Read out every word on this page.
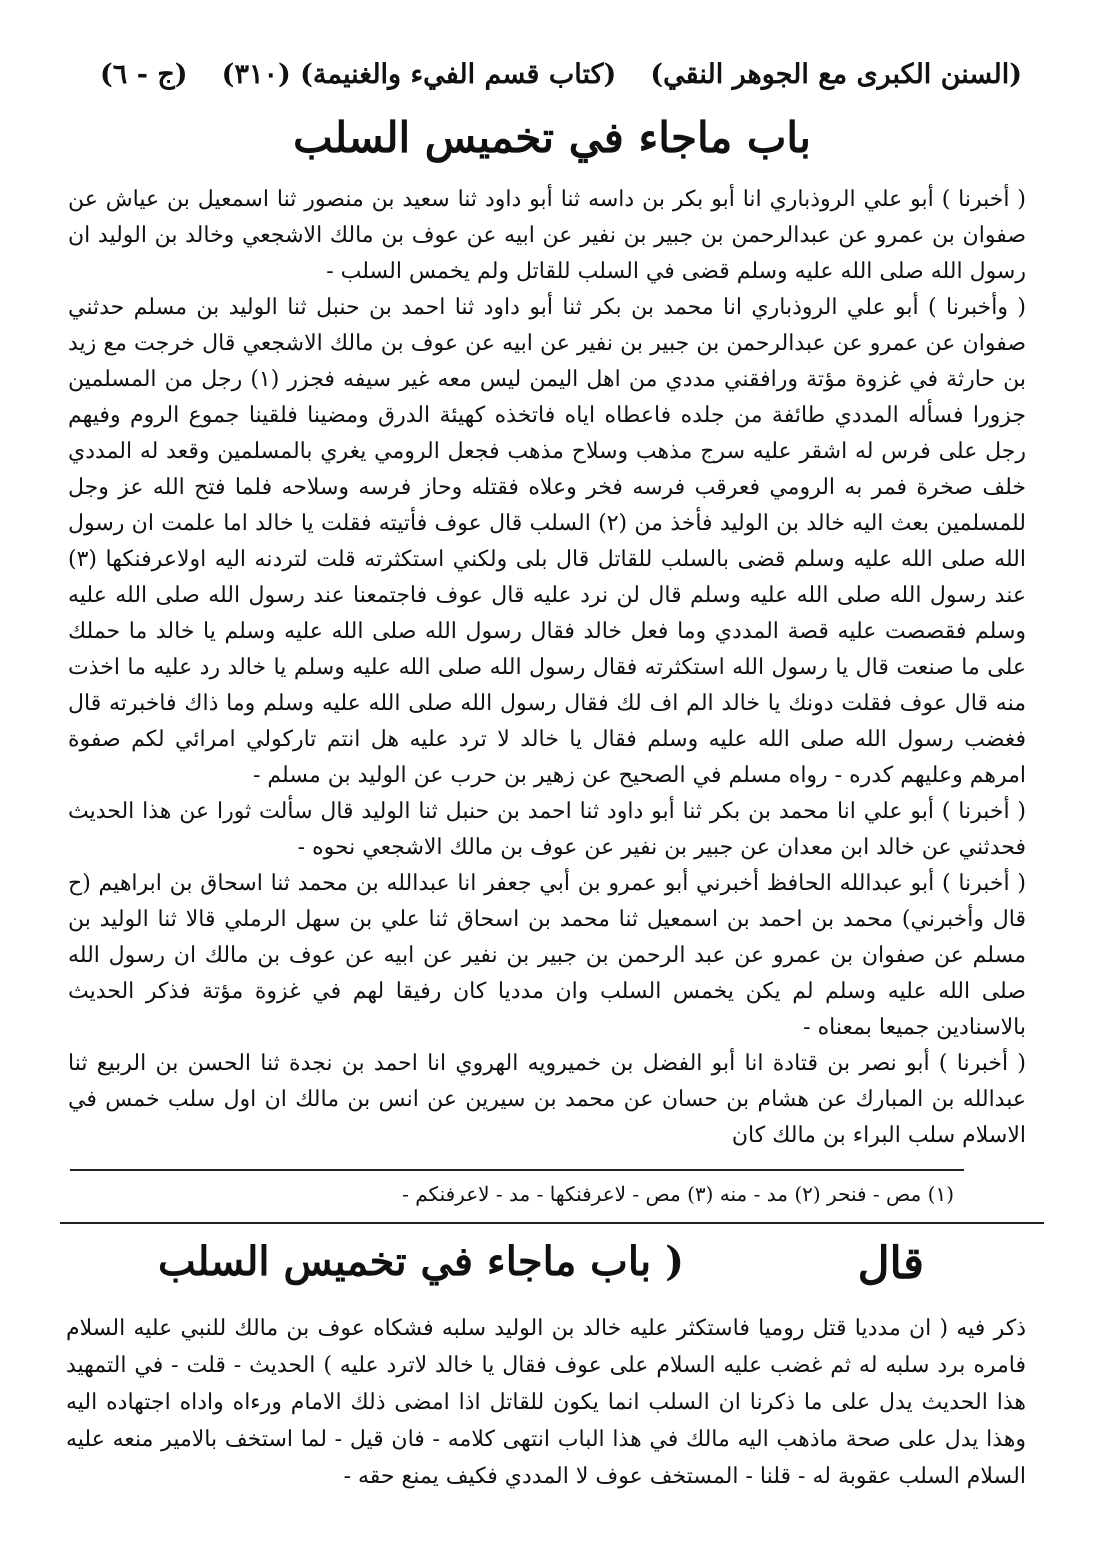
(السنن الكبرى مع الجوهر النقي)
(كتاب قسم الفيء والغنيمة) (٣١٠)
(ج - ٦)
باب ماجاء في تخميس السلب

( أخبرنا ) أبو علي الروذباري انا أبو بكر بن داسه ثنا أبو داود ثنا سعيد بن منصور ثنا اسمعيل بن عياش عن صفوان بن عمرو عن عبدالرحمن بن جبير بن نفير عن ابيه عن عوف بن مالك الاشجعي وخالد بن الوليد ان رسول الله صلى الله عليه وسلم قضى في السلب للقاتل ولم يخمس السلب -

( وأخبرنا ) أبو علي الروذباري انا محمد بن بكر ثنا أبو داود ثنا احمد بن حنبل ثنا الوليد بن مسلم حدثني صفوان عن عمرو عن عبدالرحمن بن جبير بن نفير عن ابيه عن عوف بن مالك الاشجعي قال خرجت مع زيد بن حارثة في غزوة مؤتة ورافقني مددي من اهل اليمن ليس معه غير سيفه فجزر (١) رجل من المسلمين جزورا فسأله المددي طائفة من جلده فاعطاه اياه فاتخذه كهيئة الدرق ومضينا فلقينا جموع الروم وفيهم رجل على فرس له اشقر عليه سرج مذهب وسلاح مذهب فجعل الرومي يغري بالمسلمين وقعد له المددي خلف صخرة فمر به الرومي فعرقب فرسه فخر وعلاه فقتله وحاز فرسه وسلاحه فلما فتح الله عز وجل للمسلمين بعث اليه خالد بن الوليد فأخذ من (٢) السلب قال عوف فأتيته فقلت يا خالد اما علمت ان رسول الله صلى الله عليه وسلم قضى بالسلب للقاتل قال بلى ولكني استكثرته قلت لتردنه اليه اولاعرفنكها (٣) عند رسول الله صلى الله عليه وسلم قال لن نرد عليه قال عوف فاجتمعنا عند رسول الله صلى الله عليه وسلم فقصصت عليه قصة المددي وما فعل خالد فقال رسول الله صلى الله عليه وسلم يا خالد ما حملك على ما صنعت قال يا رسول الله استكثرته فقال رسول الله صلى الله عليه وسلم يا خالد رد عليه ما اخذت منه قال عوف فقلت دونك يا خالد الم اف لك فقال رسول الله صلى الله عليه وسلم وما ذاك فاخبرته قال فغضب رسول الله صلى الله عليه وسلم فقال يا خالد لا ترد عليه هل انتم تاركولي امرائي لكم صفوة امرهم وعليهم كدره - رواه مسلم في الصحيح عن زهير بن حرب عن الوليد بن مسلم -

( أخبرنا ) أبو علي انا محمد بن بكر ثنا أبو داود ثنا احمد بن حنبل ثنا الوليد قال سألت ثورا عن هذا الحديث فحدثني عن خالد ابن معدان عن جبير بن نفير عن عوف بن مالك الاشجعي نحوه -

( أخبرنا ) أبو عبدالله الحافظ أخبرني أبو عمرو بن أبي جعفر انا عبدالله بن محمد ثنا اسحاق بن ابراهيم (ح قال وأخبرني) محمد بن احمد بن اسمعيل ثنا محمد بن اسحاق ثنا علي بن سهل الرملي قالا ثنا الوليد بن مسلم عن صفوان بن عمرو عن عبد الرحمن بن جبير بن نفير عن ابيه عن عوف بن مالك ان رسول الله صلى الله عليه وسلم لم يكن يخمس السلب وان مدديا كان رفيقا لهم في غزوة مؤتة فذكر الحديث بالاسنادين جميعا بمعناه -

( أخبرنا ) أبو نصر بن قتادة انا أبو الفضل بن خميرويه الهروي انا احمد بن نجدة ثنا الحسن بن الربيع ثنا عبدالله بن المبارك عن هشام بن حسان عن محمد بن سيرين عن انس بن مالك ان اول سلب خمس في الاسلام سلب البراء بن مالك كان

(١) مص - فنحر (٢) مد - منه (٣) مص - لاعرفنكها - مد - لاعرفنكم -
قال
( باب ماجاء في تخميس السلب

ذكر فيه ( ان مدديا قتل روميا فاستكثر عليه خالد بن الوليد سلبه فشكاه عوف بن مالك للنبي عليه السلام فامره برد سلبه له ثم غضب عليه السلام على عوف فقال يا خالد لاترد عليه ) الحديث - قلت - في التمهيد هذا الحديث يدل على ما ذكرنا ان السلب انما يكون للقاتل اذا امضى ذلك الامام ورءاه واداه اجتهاده اليه وهذا يدل على صحة ماذهب اليه مالك في هذا الباب انتهى كلامه - فان قيل - لما استخف بالامير منعه عليه السلام السلب عقوبة له - قلنا - المستخف عوف لا المددي فكيف يمنع حقه -
